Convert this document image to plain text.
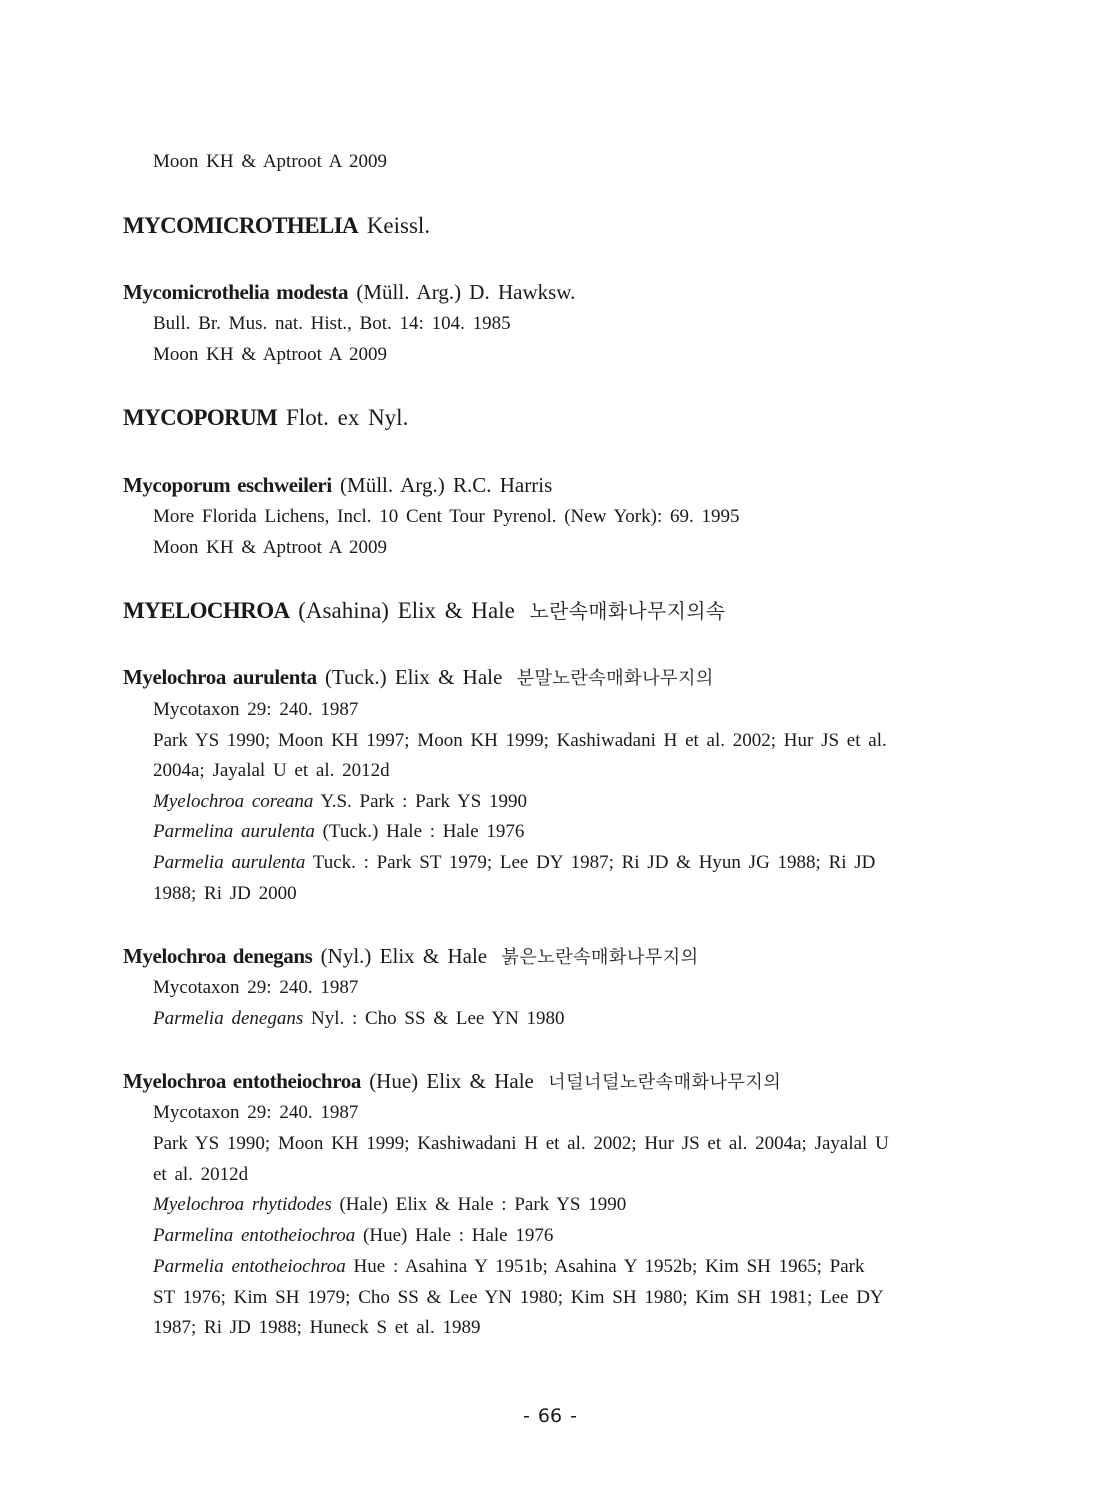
Moon KH & Aptroot A 2009
MYCOMICROTHELIA Keissl.
Mycomicrothelia modesta (Müll. Arg.) D. Hawksw.
Bull. Br. Mus. nat. Hist., Bot. 14: 104. 1985
Moon KH & Aptroot A 2009
MYCOPORUM Flot. ex Nyl.
Mycoporum eschweileri (Müll. Arg.) R.C. Harris
More Florida Lichens, Incl. 10 Cent Tour Pyrenol. (New York): 69. 1995
Moon KH & Aptroot A 2009
MYELOCHROA (Asahina) Elix & Hale 노란속매화나무지의속
Myelochroa aurulenta (Tuck.) Elix & Hale 분말노란속매화나무지의
Mycotaxon 29: 240. 1987
Park YS 1990; Moon KH 1997; Moon KH 1999; Kashiwadani H et al. 2002; Hur JS et al.
2004a; Jayalal U et al. 2012d
Myelochroa coreana Y.S. Park : Park YS 1990
Parmelina aurulenta (Tuck.) Hale : Hale 1976
Parmelia aurulenta Tuck. : Park ST 1979; Lee DY 1987; Ri JD & Hyun JG 1988; Ri JD
1988; Ri JD 2000
Myelochroa denegans (Nyl.) Elix & Hale 붉은노란속매화나무지의
Mycotaxon 29: 240. 1987
Parmelia denegans Nyl. : Cho SS & Lee YN 1980
Myelochroa entotheiochroa (Hue) Elix & Hale 너덜너덜노란속매화나무지의
Mycotaxon 29: 240. 1987
Park YS 1990; Moon KH 1999; Kashiwadani H et al. 2002; Hur JS et al. 2004a; Jayalal U
et al. 2012d
Myelochroa rhytidodes (Hale) Elix & Hale : Park YS 1990
Parmelina entotheiochroa (Hue) Hale : Hale 1976
Parmelia entotheiochroa Hue : Asahina Y 1951b; Asahina Y 1952b; Kim SH 1965; Park
ST 1976; Kim SH 1979; Cho SS & Lee YN 1980; Kim SH 1980; Kim SH 1981; Lee DY
1987; Ri JD 1988; Huneck S et al. 1989
- 66 -
